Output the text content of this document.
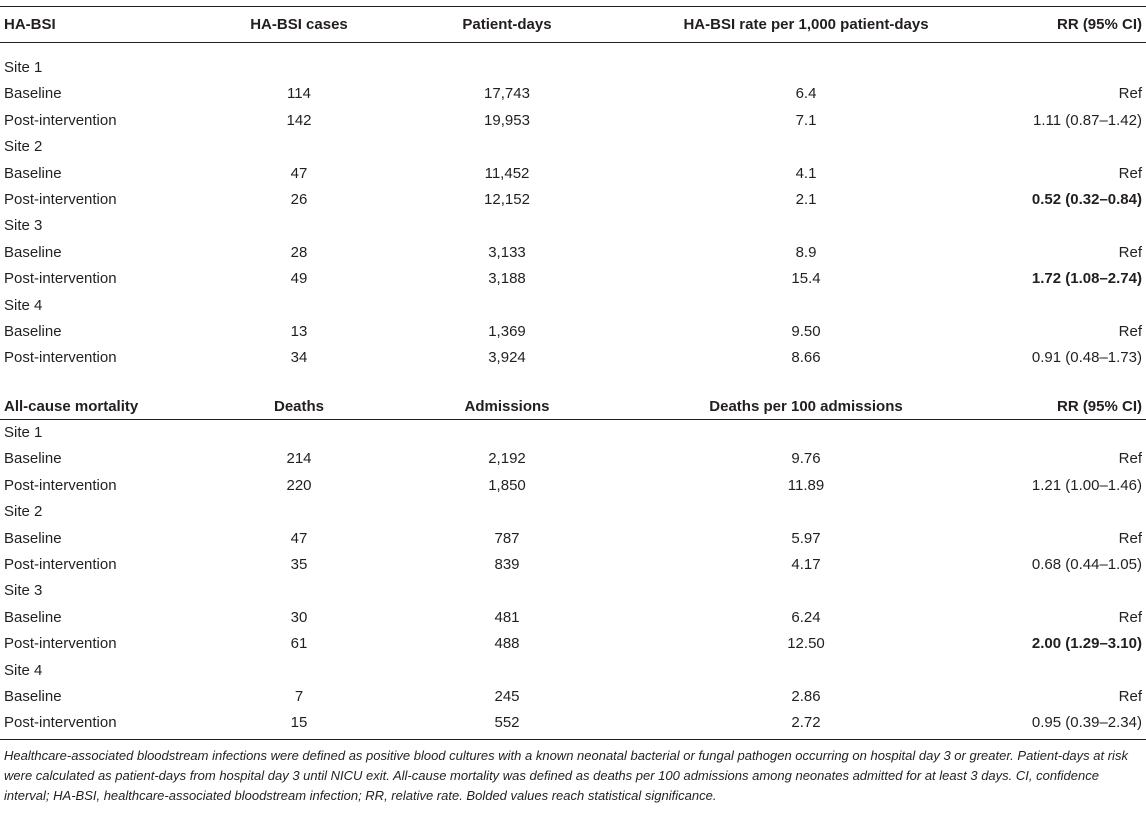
HA-BSI	HA-BSI cases	Patient-days	HA-BSI rate per 1,000 patient-days	RR (95% CI)
Site 1
Baseline	114	17,743	6.4	Ref
Post-intervention	142	19,953	7.1	1.11 (0.87–1.42)
Site 2
Baseline	47	11,452	4.1	Ref
Post-intervention	26	12,152	2.1	0.52 (0.32–0.84)
Site 3
Baseline	28	3,133	8.9	Ref
Post-intervention	49	3,188	15.4	1.72 (1.08–2.74)
Site 4
Baseline	13	1,369	9.50	Ref
Post-intervention	34	3,924	8.66	0.91 (0.48–1.73)
All-cause mortality	Deaths	Admissions	Deaths per 100 admissions	RR (95% CI)
Site 1
Baseline	214	2,192	9.76	Ref
Post-intervention	220	1,850	11.89	1.21 (1.00–1.46)
Site 2
Baseline	47	787	5.97	Ref
Post-intervention	35	839	4.17	0.68 (0.44–1.05)
Site 3
Baseline	30	481	6.24	Ref
Post-intervention	61	488	12.50	2.00 (1.29–3.10)
Site 4
Baseline	7	245	2.86	Ref
Post-intervention	15	552	2.72	0.95 (0.39–2.34)
Healthcare-associated bloodstream infections were defined as positive blood cultures with a known neonatal bacterial or fungal pathogen occurring on hospital day 3 or greater. Patient-days at risk were calculated as patient-days from hospital day 3 until NICU exit. All-cause mortality was defined as deaths per 100 admissions among neonates admitted for at least 3 days. CI, confidence interval; HA-BSI, healthcare-associated bloodstream infection; RR, relative rate. Bolded values reach statistical significance.
